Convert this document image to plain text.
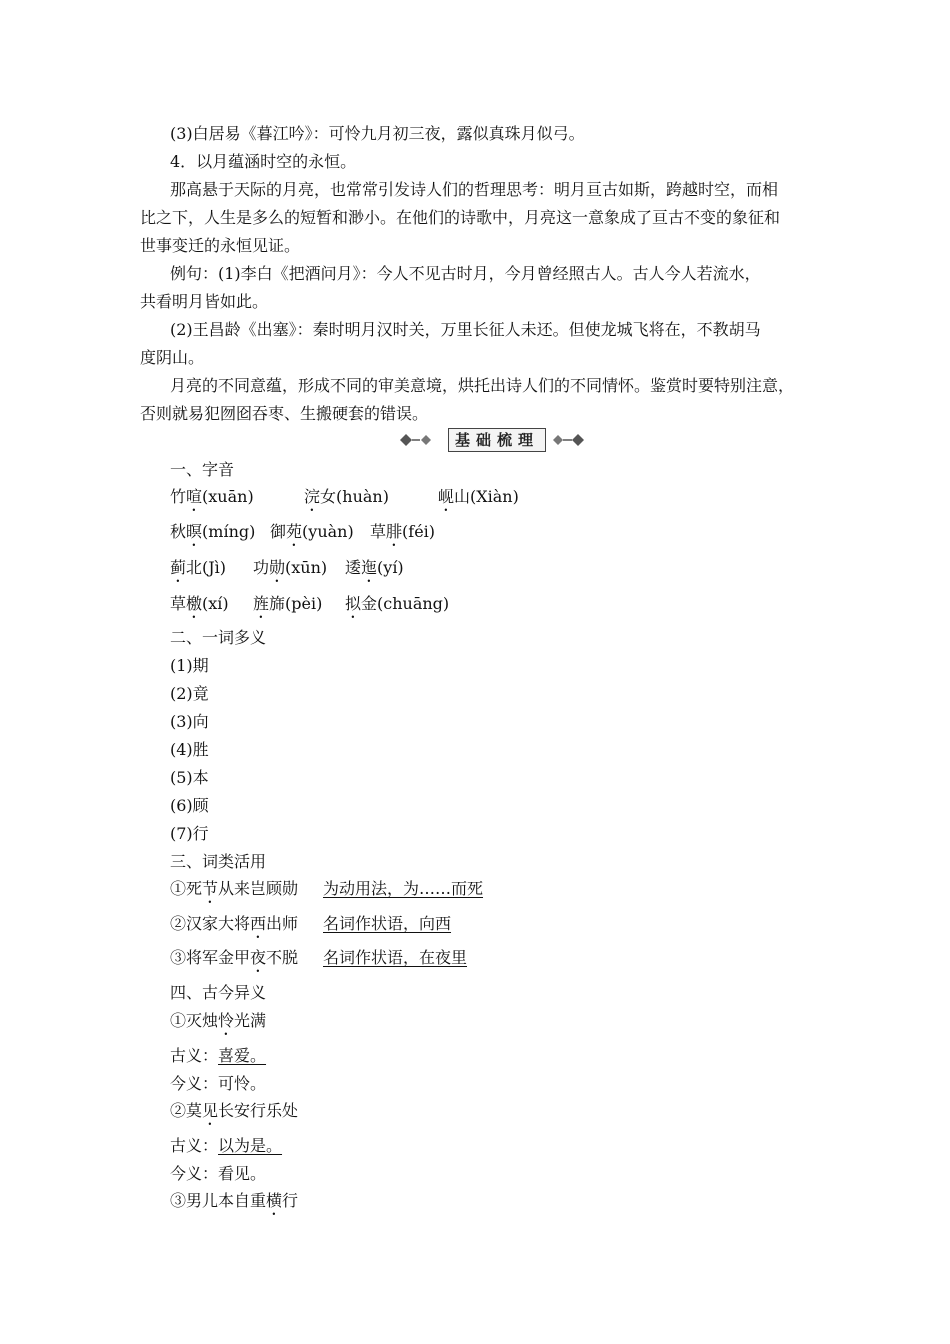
(3)白居易《暮江吟》：可怜九月初三夜，露似真珠月似弓。
4．以月蕴涵时空的永恒。
那高悬于天际的月亮，也常常引发诗人们的哲理思考：明月亘古如斯，跨越时空，而相
比之下，人生是多么的短暂和渺小。在他们的诗歌中，月亮这一意象成了亘古不变的象征和
世事变迁的永恒见证。
例句：(1)李白《把酒问月》：今人不见古时月，今月曾经照古人。古人今人若流水，
共看明月皆如此。
(2)王昌龄《出塞》：秦时明月汉时关，万里长征人未还。但使龙城飞将在，不教胡马
度阴山。
月亮的不同意蕴，形成不同的审美意境，烘托出诗人们的不同情怀。鉴赏时要特别注意，
否则就易犯囫囵吞枣、生搬硬套的错误。
基础梳理
一、字音
竹喧(xuān)	浣女(huàn)	岘山(Xiàn)
秋暝(míng) 御苑(yuàn) 草腓(féi)
蓟北(Jì) 功勋(xūn) 逶迤(yí)
草檄(xí) 旌旆(pèi) 拟金(chuāng)
二、一词多义
(1)期
(2)竟
(3)向
(4)胜
(5)本
(6)顾
(7)行
三、词类活用
①死节从来岂顾勋 为动用法，为……而死
②汉家大将西出师 名词作状语，向西
③将军金甲夜不脱 名词作状语，在夜里
四、古今异义
①灭烛怜光满
古义：喜爱。
今义：可怜。
②莫见长安行乐处
古义：以为是。
今义：看见。
③男儿本自重横行
